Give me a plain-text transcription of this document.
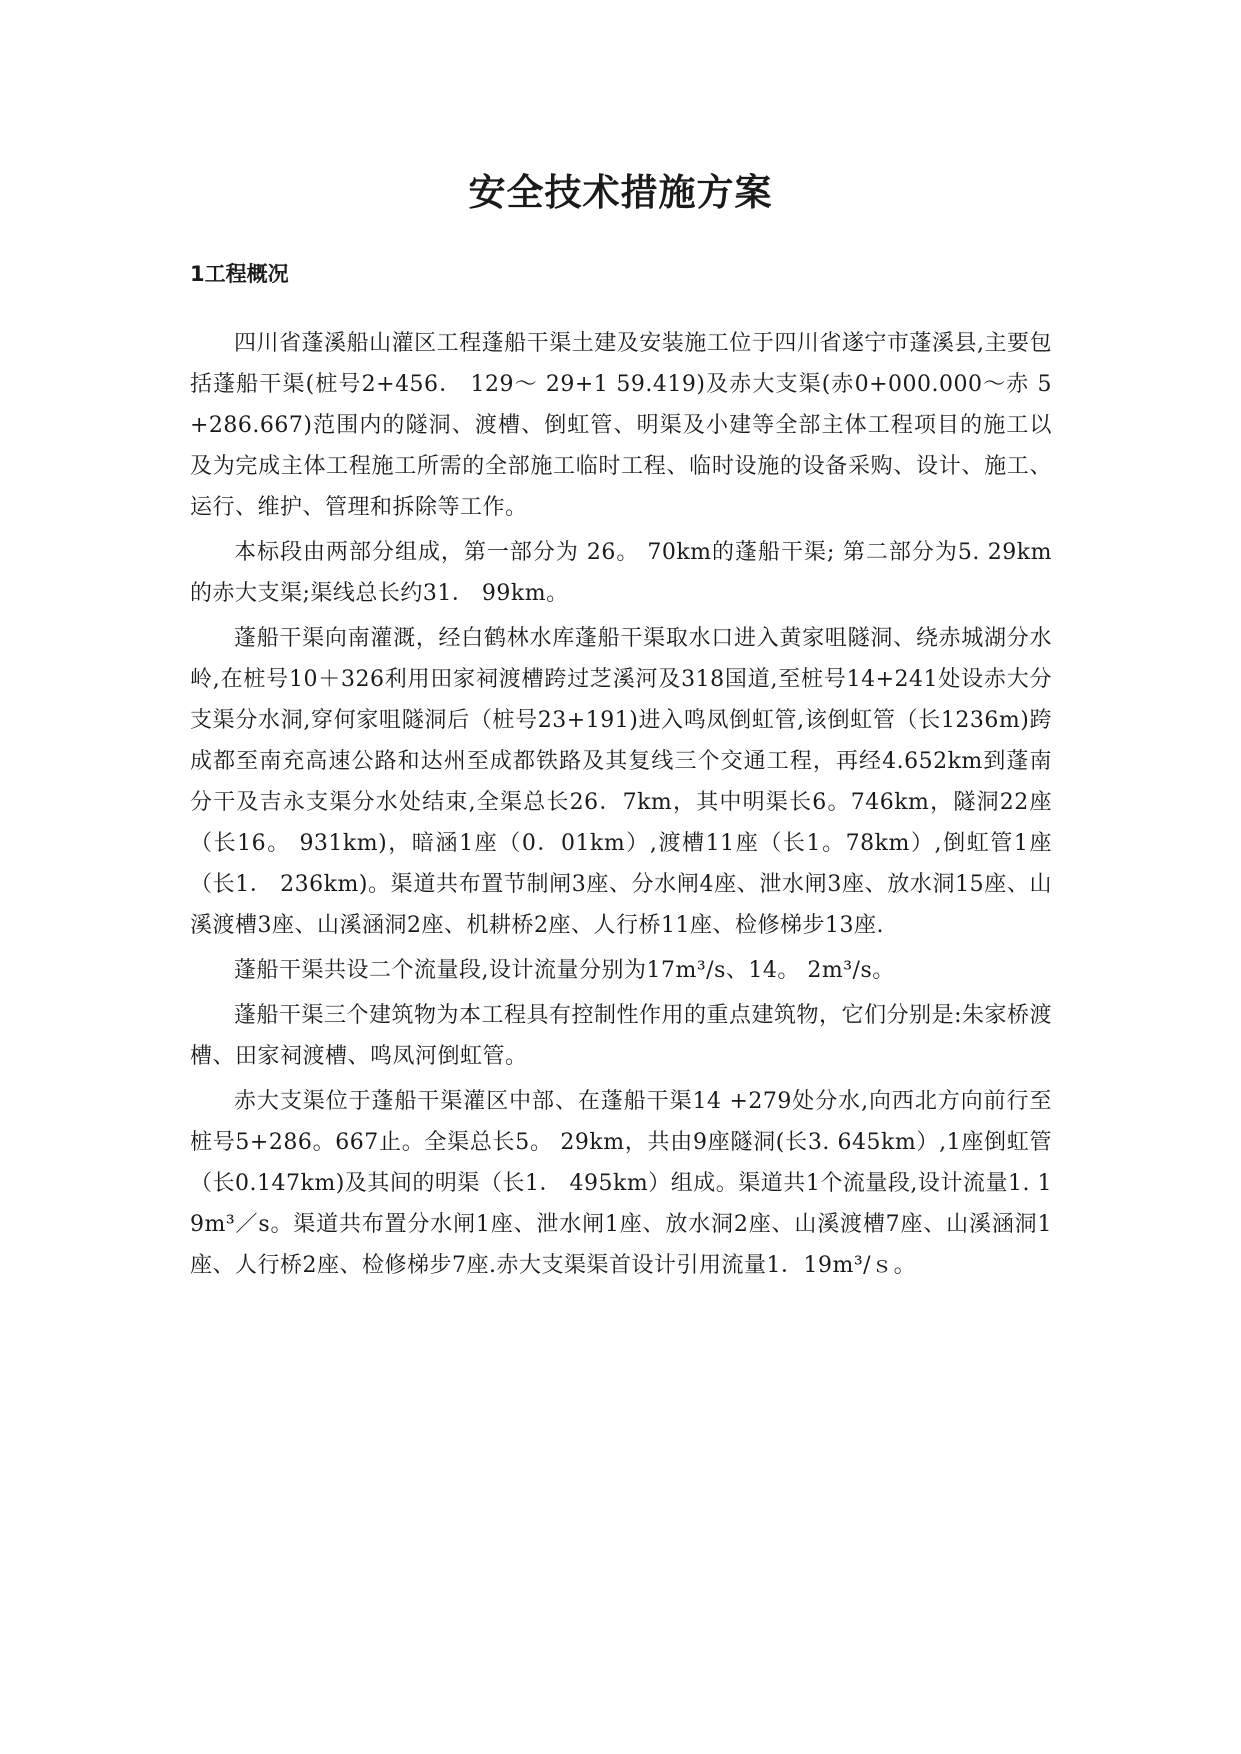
安全技术措施方案
1工程概况

四川省蓬溪船山灌区工程蓬船干渠土建及安装施工位于四川省遂宁市蓬溪县,主要包括蓬船干渠(桩号2+456． 129～ 29+1 59.419)及赤大支渠(赤0+000.000～赤 5+286.667)范围内的隧洞、渡槽、倒虹管、明渠及小建等全部主体工程项目的施工以及为完成主体工程施工所需的全部施工临时工程、临时设施的设备采购、设计、施工、运行、维护、管理和拆除等工作。

本标段由两部分组成，第一部分为 26。 70km的蓬船干渠; 第二部分为5. 29km的赤大支渠;渠线总长约31． 99km。

蓬船干渠向南灌溉，经白鹤林水库蓬船干渠取水口进入黄家咀隧洞、绕赤城湖分水岭,在桩号10＋326利用田家祠渡槽跨过芝溪河及318国道,至桩号14+241处设赤大分支渠分水洞,穿何家咀隧洞后（桩号23+191)进入鸣凤倒虹管,该倒虹管（长1236m)跨成都至南充高速公路和达州至成都铁路及其复线三个交通工程，再经4.652km到蓬南分干及吉永支渠分水处结束,全渠总长26．7km，其中明渠长6。746km，隧洞22座（长16。 931km)，暗涵1座（0．01km）,渡槽11座（长1。78km）,倒虹管1座（长1． 236km)。渠道共布置节制闸3座、分水闸4座、泄水闸3座、放水洞15座、山溪渡槽3座、山溪涵洞2座、机耕桥2座、人行桥11座、检修梯步13座.

蓬船干渠共设二个流量段,设计流量分别为17m³/s、14。 2m³/s。

蓬船干渠三个建筑物为本工程具有控制性作用的重点建筑物，它们分别是:朱家桥渡槽、田家祠渡槽、鸣凤河倒虹管。

赤大支渠位于蓬船干渠灌区中部、在蓬船干渠14 +279处分水,向西北方向前行至桩号5+286。667止。全渠总长5。 29km，共由9座隧洞(长3. 645km）,1座倒虹管（长0.147km)及其间的明渠（长1． 495km）组成。渠道共1个流量段,设计流量1. 19m³／s。渠道共布置分水闸1座、泄水闸1座、放水洞2座、山溪渡槽7座、山溪涵洞1座、人行桥2座、检修梯步7座.赤大支渠渠首设计引用流量1．19m³/ｓ。
